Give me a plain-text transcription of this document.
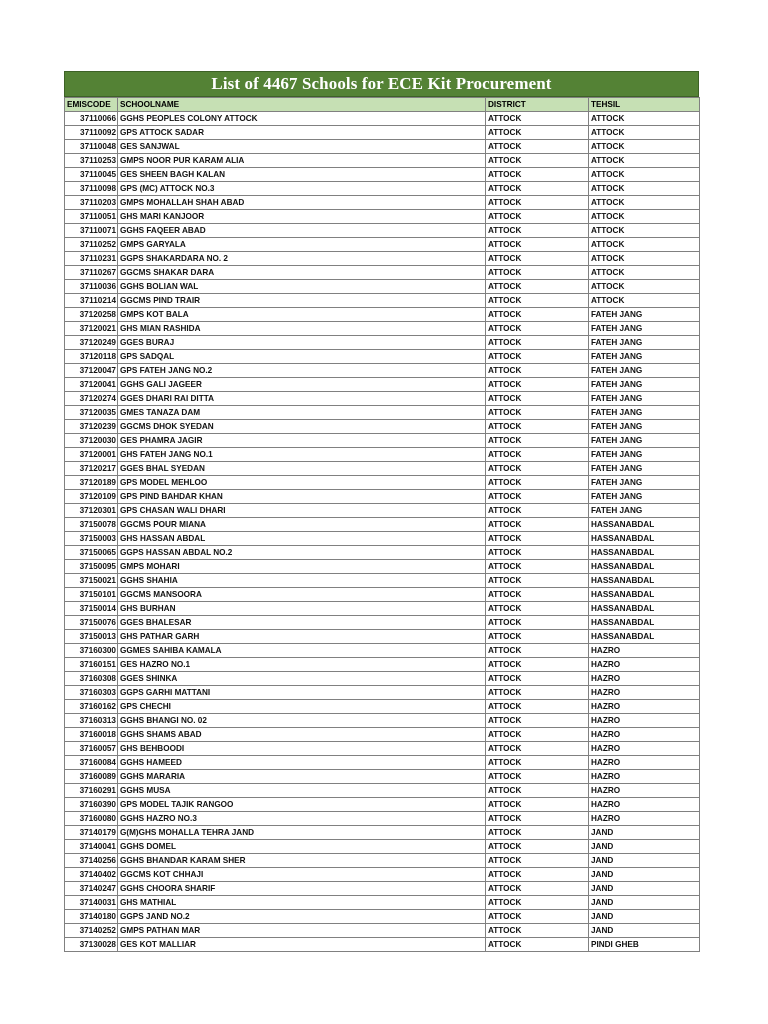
List of 4467 Schools for ECE Kit Procurement
EMISCODE	SCHOOLNAME	DISTRICT	TEHSIL
37110066	GGHS PEOPLES COLONY ATTOCK	ATTOCK	ATTOCK
37110092	GPS ATTOCK SADAR	ATTOCK	ATTOCK
37110048	GES SANJWAL	ATTOCK	ATTOCK
37110253	GMPS NOOR PUR KARAM ALIA	ATTOCK	ATTOCK
37110045	GES SHEEN BAGH KALAN	ATTOCK	ATTOCK
37110098	GPS (MC) ATTOCK NO.3	ATTOCK	ATTOCK
37110203	GMPS MOHALLAH SHAH ABAD	ATTOCK	ATTOCK
37110051	GHS MARI KANJOOR	ATTOCK	ATTOCK
37110071	GGHS FAQEER ABAD	ATTOCK	ATTOCK
37110252	GMPS GARYALA	ATTOCK	ATTOCK
37110231	GGPS SHAKARDARA NO. 2	ATTOCK	ATTOCK
37110267	GGCMS SHAKAR DARA	ATTOCK	ATTOCK
37110036	GGHS BOLIAN WAL	ATTOCK	ATTOCK
37110214	GGCMS PIND TRAIR	ATTOCK	ATTOCK
37120258	GMPS KOT BALA	ATTOCK	FATEH JANG
37120021	GHS MIAN RASHIDA	ATTOCK	FATEH JANG
37120249	GGES BURAJ	ATTOCK	FATEH JANG
37120118	GPS SADQAL	ATTOCK	FATEH JANG
37120047	GPS FATEH JANG NO.2	ATTOCK	FATEH JANG
37120041	GGHS GALI JAGEER	ATTOCK	FATEH JANG
37120274	GGES DHARI RAI DITTA	ATTOCK	FATEH JANG
37120035	GMES TANAZA DAM	ATTOCK	FATEH JANG
37120239	GGCMS DHOK SYEDAN	ATTOCK	FATEH JANG
37120030	GES PHAMRA JAGIR	ATTOCK	FATEH JANG
37120001	GHS FATEH JANG NO.1	ATTOCK	FATEH JANG
37120217	GGES BHAL SYEDAN	ATTOCK	FATEH JANG
37120189	GPS MODEL MEHLOO	ATTOCK	FATEH JANG
37120109	GPS PIND BAHDAR KHAN	ATTOCK	FATEH JANG
37120301	GPS CHASAN WALI DHARI	ATTOCK	FATEH JANG
37150078	GGCMS POUR MIANA	ATTOCK	HASSANABDAL
37150003	GHS HASSAN ABDAL	ATTOCK	HASSANABDAL
37150065	GGPS HASSAN ABDAL NO.2	ATTOCK	HASSANABDAL
37150095	GMPS MOHARI	ATTOCK	HASSANABDAL
37150021	GGHS SHAHIA	ATTOCK	HASSANABDAL
37150101	GGCMS MANSOORA	ATTOCK	HASSANABDAL
37150014	GHS BURHAN	ATTOCK	HASSANABDAL
37150076	GGES BHALESAR	ATTOCK	HASSANABDAL
37150013	GHS PATHAR GARH	ATTOCK	HASSANABDAL
37160300	GGMES SAHIBA KAMALA	ATTOCK	HAZRO
37160151	GES HAZRO NO.1	ATTOCK	HAZRO
37160308	GGES SHINKA	ATTOCK	HAZRO
37160303	GGPS GARHI MATTANI	ATTOCK	HAZRO
37160162	GPS CHECHI	ATTOCK	HAZRO
37160313	GGHS BHANGI NO. 02	ATTOCK	HAZRO
37160018	GGHS SHAMS ABAD	ATTOCK	HAZRO
37160057	GHS BEHBOODI	ATTOCK	HAZRO
37160084	GGHS HAMEED	ATTOCK	HAZRO
37160089	GGHS MARARIA	ATTOCK	HAZRO
37160291	GGHS MUSA	ATTOCK	HAZRO
37160390	GPS MODEL TAJIK RANGOO	ATTOCK	HAZRO
37160080	GGHS HAZRO NO.3	ATTOCK	HAZRO
37140179	G(M)GHS MOHALLA TEHRA JAND	ATTOCK	JAND
37140041	GGHS DOMEL	ATTOCK	JAND
37140256	GGHS BHANDAR KARAM SHER	ATTOCK	JAND
37140402	GGCMS KOT CHHAJI	ATTOCK	JAND
37140247	GGHS CHOORA SHARIF	ATTOCK	JAND
37140031	GHS MATHIAL	ATTOCK	JAND
37140180	GGPS JAND NO.2	ATTOCK	JAND
37140252	GMPS PATHAN MAR	ATTOCK	JAND
37130028	GES KOT MALLIAR	ATTOCK	PINDI GHEB
